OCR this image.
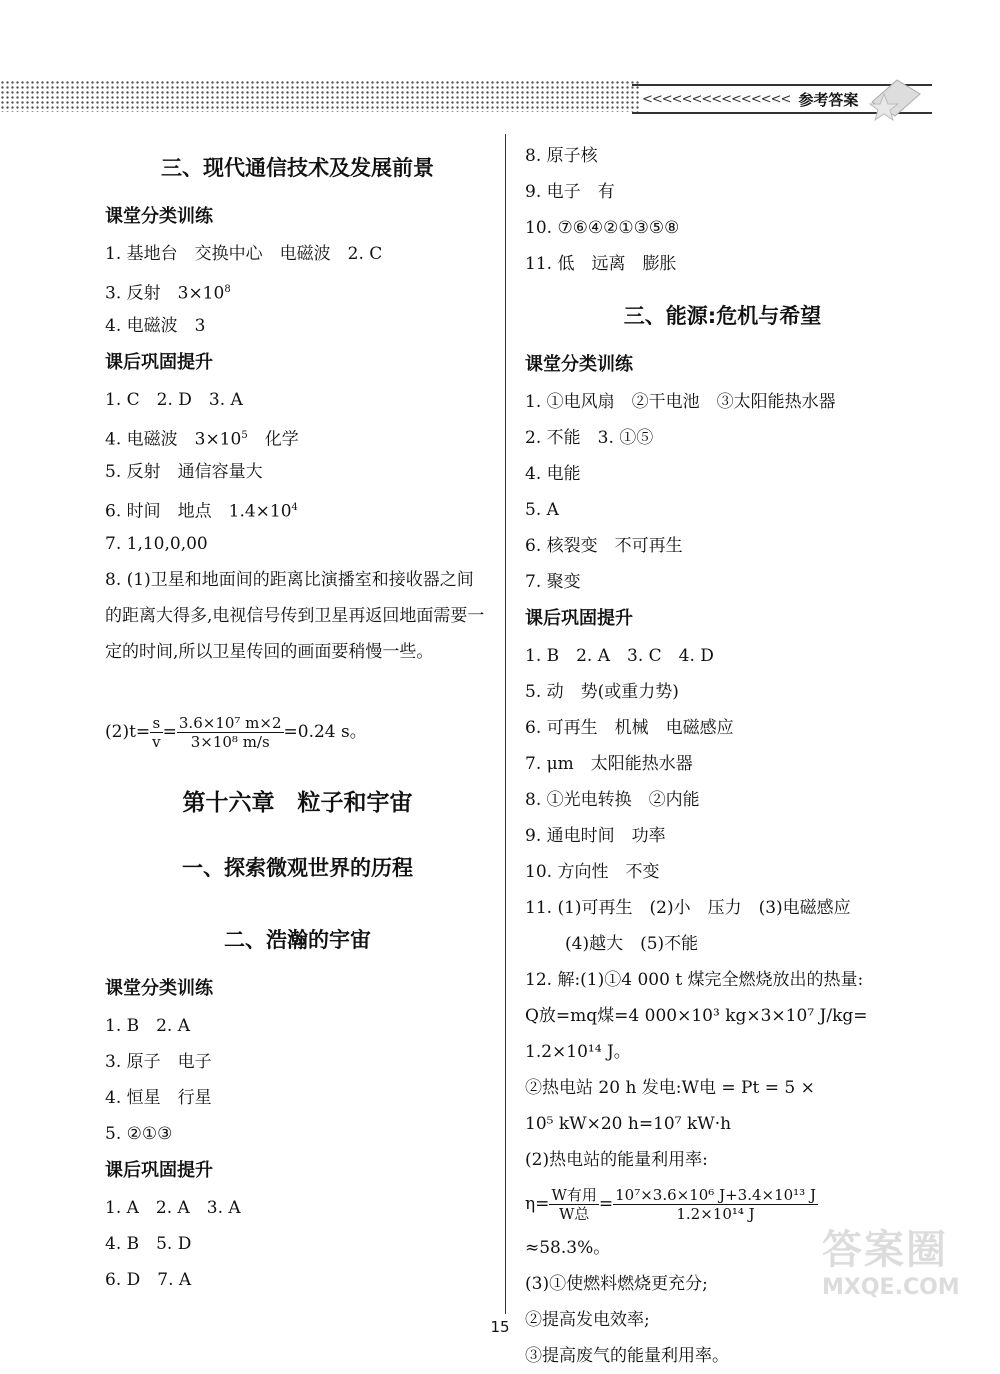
<<<<<<<<<<<<<<< 参考答案
三、现代通信技术及发展前景
课堂分类训练
1. 基地台　交换中心　电磁波　2. C
3. 反射　$3\times 10^8$
4. 电磁波　3
课后巩固提升
1. C　2. D　3. A
4. 电磁波　$3\times 10^5$　化学
5. 反射　通信容量大
6. 时间　地点　$1.4\times 10^4$
7. 1,10,0,00
8. (1)卫星和地面间的距离比演播室和接收器之间的距离大得多,电视信号传到卫星再返回地面需要一定的时间,所以卫星传回的画面要稍慢一些。
$(2)t= \frac{s}{v} = \frac{\text{3.6×10⁷ m×2}}{\text{3×10⁸ m/s}} =0.24$ s。
第十六章　粒子和宇宙
一、探索微观世界的历程
二、浩瀚的宇宙
课堂分类训练
1. B　2. A
3. 原子　电子
4. 恒星　行星
5. ②①③
课后巩固提升
1. A　2. A　3. A
4. B　5. D
6. D　7. A
8. 原子核
9. 电子　有
10. ⑦⑥④②①③⑤⑧
11. 低　远离　膨胀
三、能源:危机与希望
课堂分类训练
1. ①电风扇　②干电池　③太阳能热水器
2. 不能　3. ①⑤
4. 电能
5. A
6. 核裂变　不可再生
7. 聚变
课后巩固提升
1. B　2. A　3. C　4. D
5. 动　势(或重力势)
6. 可再生　机械　电磁感应
7. μm　太阳能热水器
8. ①光电转换　②内能
9. 通电时间　功率
10. 方向性　不变
11. (1)可再生　(2)小　压力　(3)电磁感应
(4)越大　(5)不能
12. 解:(1)①4 000 t 煤完全燃烧放出的热量:
Q放=mq煤=4 000×10³ kg×3×10⁷ J/kg=
1.2×10¹⁴ J。
②热电站 20 h 发电:W电 = Pt = 5 ×
10⁵ kW×20 h=10⁷ kW·h
(2)热电站的能量利用率:
$\eta= \frac{\text{W有用}}{\text{W总}} = \frac{\text{10⁷×3.6×10⁶ J+3.4×10¹³ J}}{\text{1.2×10¹⁴ J}}$
≈58.3%。
(3)①使燃料燃烧更充分;
②提高发电效率;
③提高废气的能量利用率。
15
答案圈
MXQE.COM
